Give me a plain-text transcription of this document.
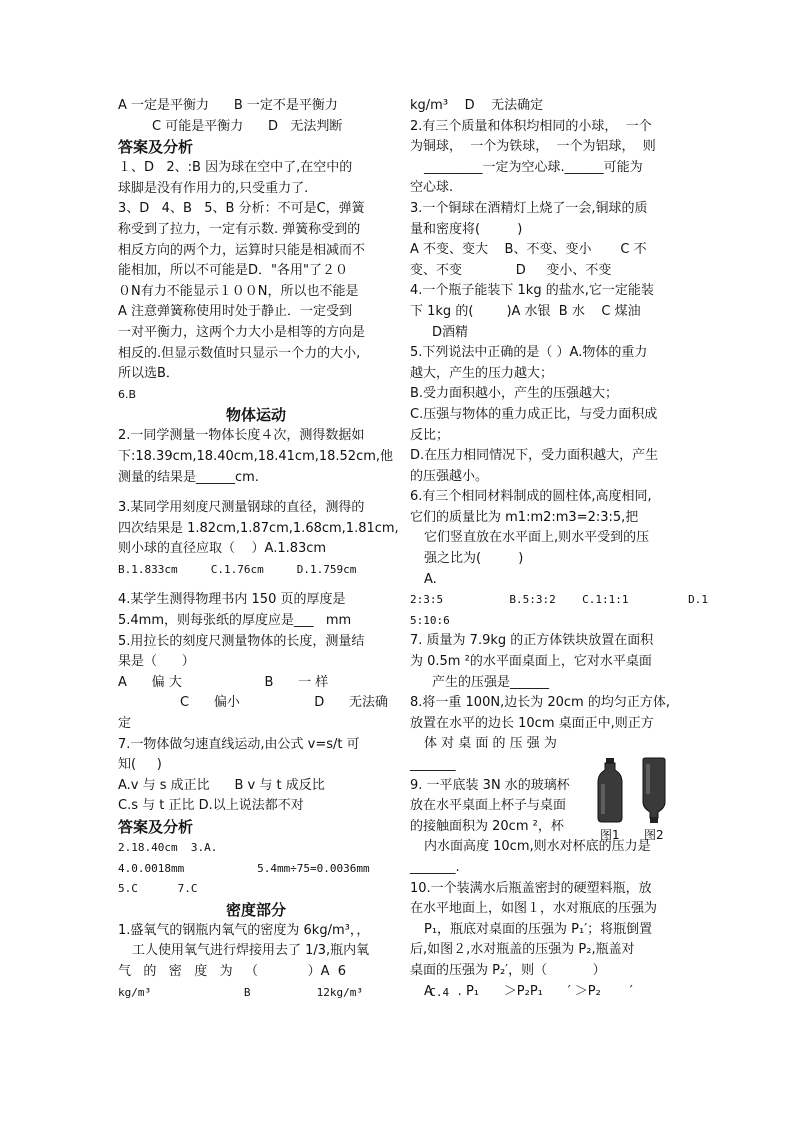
A 一定是平衡力      B 一定不是平衡力
C 可能是平衡力      D   无法判断
答案及分析
１、D   2、:B 因为球在空中了,在空中的
球脚是没有作用力的,只受重力了.
3、D   4、B   5、B 分析：不可是C，弹簧
称受到了拉力，一定有示数. 弹簧称受到的
相反方向的两个力，运算时只能是相减而不
能相加，所以不可能是D．"各用"了２０
０N有力不能显示１００N，所以也不能是
A 注意弹簧称使用时处于静止．一定受到
一对平衡力，这两个力大小是相等的方向是
相反的.但显示数值时只显示一个力的大小,
所以选B．
6.B
物体运动
2.一同学测量一物体长度４次，测得数据如
下:18.39cm,18.40cm,18.41cm,18.52cm,他
测量的结果是______cm.
3.某同学用刻度尺测量钢球的直径，测得的
四次结果是 1.82cm,1.87cm,1.68cm,1.81cm,
则小球的直径应取（    ）A.1.83cm
B.1.833cm     C.1.76cm     D.1.759cm
4.某学生测得物理书内 150 页的厚度是
5.4mm，则每张纸的厚度应是___   mm
5.用拉长的刻度尺测量物体的长度，测量结
果是（      ）
A      偏 大                    B      一 样
C      偏小                  D      无法确
定
7.一物体做匀速直线运动,由公式 v=s/t 可
知(     )
A.v 与 s 成正比      B v 与 t 成反比
C.s 与 t 正比 D.以上说法都不对
答案及分析
2.18.40cm  3.A.
4.0.0018mm           5.4mm÷75=0.0036mm
5.C      7.C
密度部分
1.盛氧气的钢瓶内氧气的密度为 6kg/m³，，
工人使用氧气进行焊接用去了 1/3,瓶内氧
气   的   密   度   为   （            ）A  6
kg/m³              B          12kg/m³          C.4
kg/m³    D    无法确定
2.有三个质量和体积均相同的小球，  一个
为铜球，  一个为铁球，  一个为铝球，  则
_________一定为空心球.______可能为
空心球.
3.一个铜球在酒精灯上烧了一会,铜球的质
量和密度将(         )
A 不变、变大    B、不变、变小       C 不
变、不变             D     变小、不变
4.一个瓶子能装下 1kg 的盐水,它一定能装
下 1kg 的(        )A 水银  B 水    C 煤油
D酒精
5.下列说法中正确的是（ ）A.物体的重力
越大，产生的压力越大；
B.受力面积越小，产生的压强越大；
C.压强与物体的重力成正比，与受力面积成
反比；
D.在压力相同情况下，受力面积越大，产生
的压强越小。
6.有三个相同材料制成的圆柱体,高度相同,
它们的质量比为 m1:m2:m3=2:3:5,把
它们竖直放在水平面上,则水平受到的压
强之比为(         )
A.
2:3:5          B.5:3:2    C.1:1:1         D.1
5:10:6
7. 质量为 7.9kg 的正方体铁块放置在面积
为 0.5m ²的水平面桌面上，它对水平桌面
产生的压强是______
8.将一重 100N,边长为 20cm 的均匀正方体,
放置在水平的边长 10cm 桌面正中,则正方
体 对 桌 面 的 压 强 为
_______
9. 一平底装 3N 水的玻璃杯
放在水平桌面上杯子与桌面
的接触面积为 20cm ²，杯
内水面高度 10cm,则水对杯底的压力是
_______.
10.一个装满水后瓶盖密封的硬塑料瓶，放
在水平地面上，如图１，水对瓶底的压强为
P₁，瓶底对桌面的压强为 P₁′；将瓶倒置
后,如图２,水对瓶盖的压强为 P₂,瓶盖对
桌面的压强为 P₂′，则（           ）
A      . P₁      ＞P₂P₁      ′ ＞P₂       ′
图1 图2
